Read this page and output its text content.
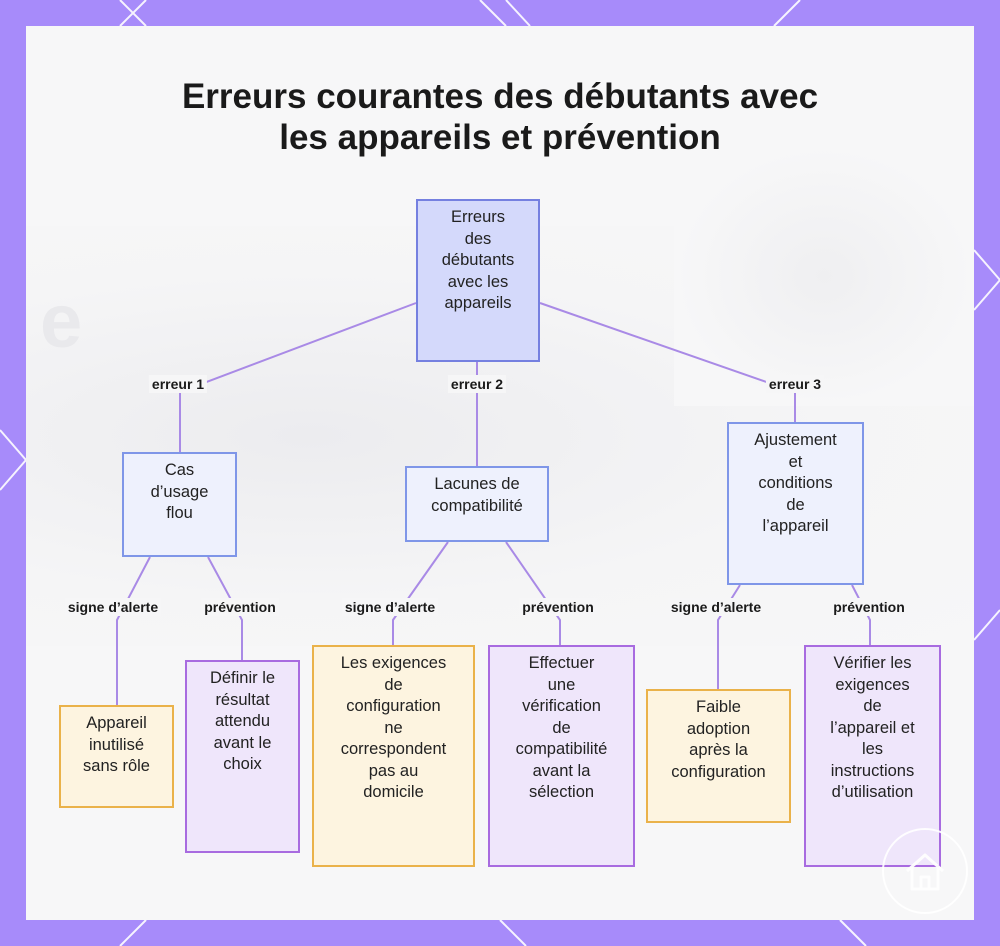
e
Erreurs courantes des débutants avec
les appareils et prévention
erreur 1	erreur 2	erreur 3
signe d’alerte	prévention	signe d’alerte	prévention	signe d’alerte	prévention
Erreurs
des
débutants
avec les
appareils
Cas
d’usage
flou
Lacunes de
compatibilité
Ajustement
et
conditions
de
l’appareil
Appareil
inutilisé
sans rôle
Définir le
résultat
attendu
avant le
choix
Les exigences
de
configuration
ne
correspondent
pas au
domicile
Effectuer
une
vérification
de
compatibilité
avant la
sélection
Faible
adoption
après la
configuration
Vérifier les
exigences
de
l’appareil et
les
instructions
d’utilisation
